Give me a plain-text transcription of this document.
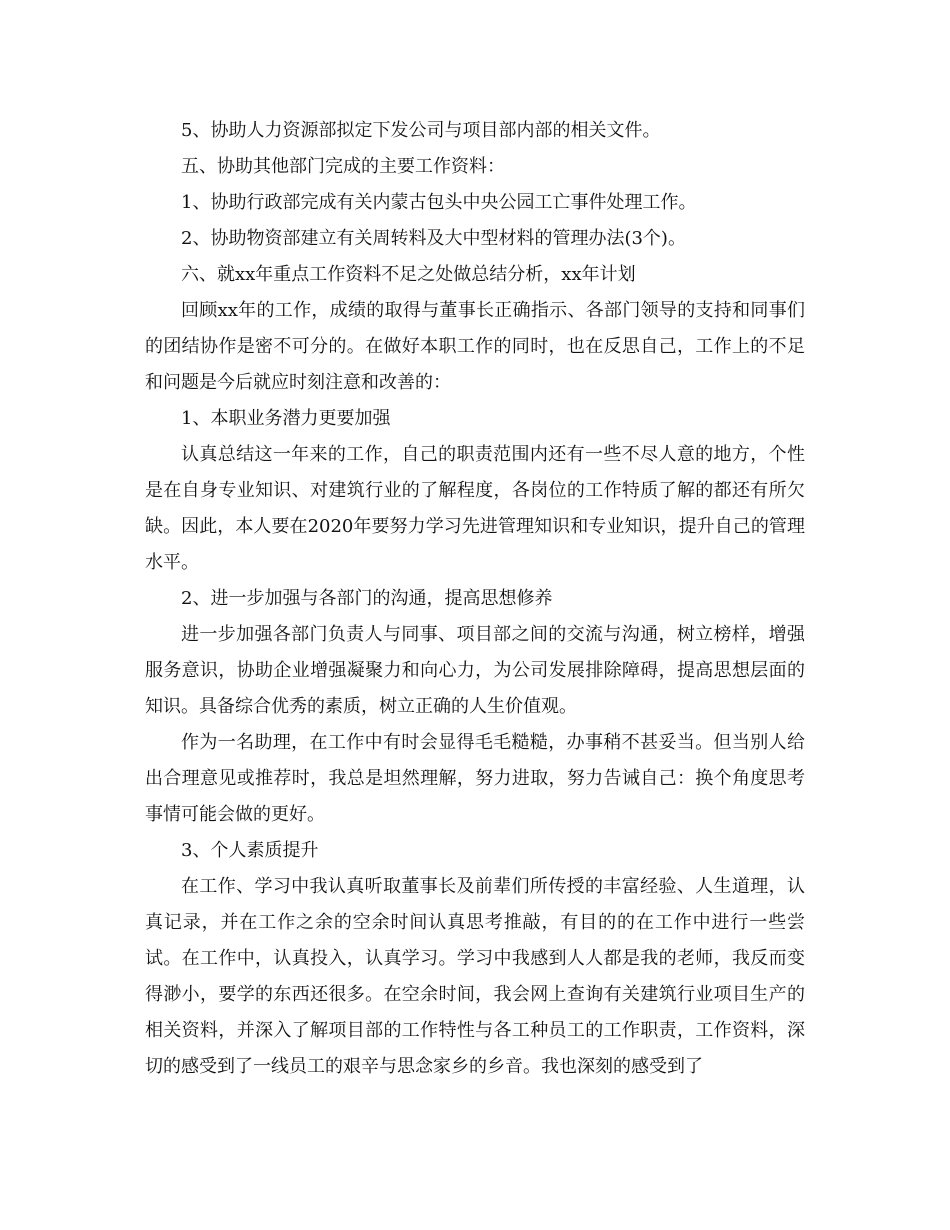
5、协助人力资源部拟定下发公司与项目部内部的相关文件。

五、协助其他部门完成的主要工作资料：

1、协助行政部完成有关内蒙古包头中央公园工亡事件处理工作。

2、协助物资部建立有关周转料及大中型材料的管理办法(3个)。

六、就xx年重点工作资料不足之处做总结分析，xx年计划

回顾xx年的工作，成绩的取得与董事长正确指示、各部门领导的支持和同事们的团结协作是密不可分的。在做好本职工作的同时，也在反思自己，工作上的不足和问题是今后就应时刻注意和改善的：

1、本职业务潜力更要加强

认真总结这一年来的工作，自己的职责范围内还有一些不尽人意的地方，个性是在自身专业知识、对建筑行业的了解程度，各岗位的工作特质了解的都还有所欠缺。因此，本人要在2020年要努力学习先进管理知识和专业知识，提升自己的管理水平。

2、进一步加强与各部门的沟通，提高思想修养

进一步加强各部门负责人与同事、项目部之间的交流与沟通，树立榜样，增强服务意识，协助企业增强凝聚力和向心力，为公司发展排除障碍，提高思想层面的知识。具备综合优秀的素质，树立正确的人生价值观。

作为一名助理，在工作中有时会显得毛毛糙糙，办事稍不甚妥当。但当别人给出合理意见或推荐时，我总是坦然理解，努力进取，努力告诫自己：换个角度思考事情可能会做的更好。

3、个人素质提升

在工作、学习中我认真听取董事长及前辈们所传授的丰富经验、人生道理，认真记录，并在工作之余的空余时间认真思考推敲，有目的的在工作中进行一些尝试。在工作中，认真投入，认真学习。学习中我感到人人都是我的老师，我反而变得渺小，要学的东西还很多。在空余时间，我会网上查询有关建筑行业项目生产的相关资料，并深入了解项目部的工作特性与各工种员工的工作职责，工作资料，深切的感受到了一线员工的艰辛与思念家乡的乡音。我也深刻的感受到了
